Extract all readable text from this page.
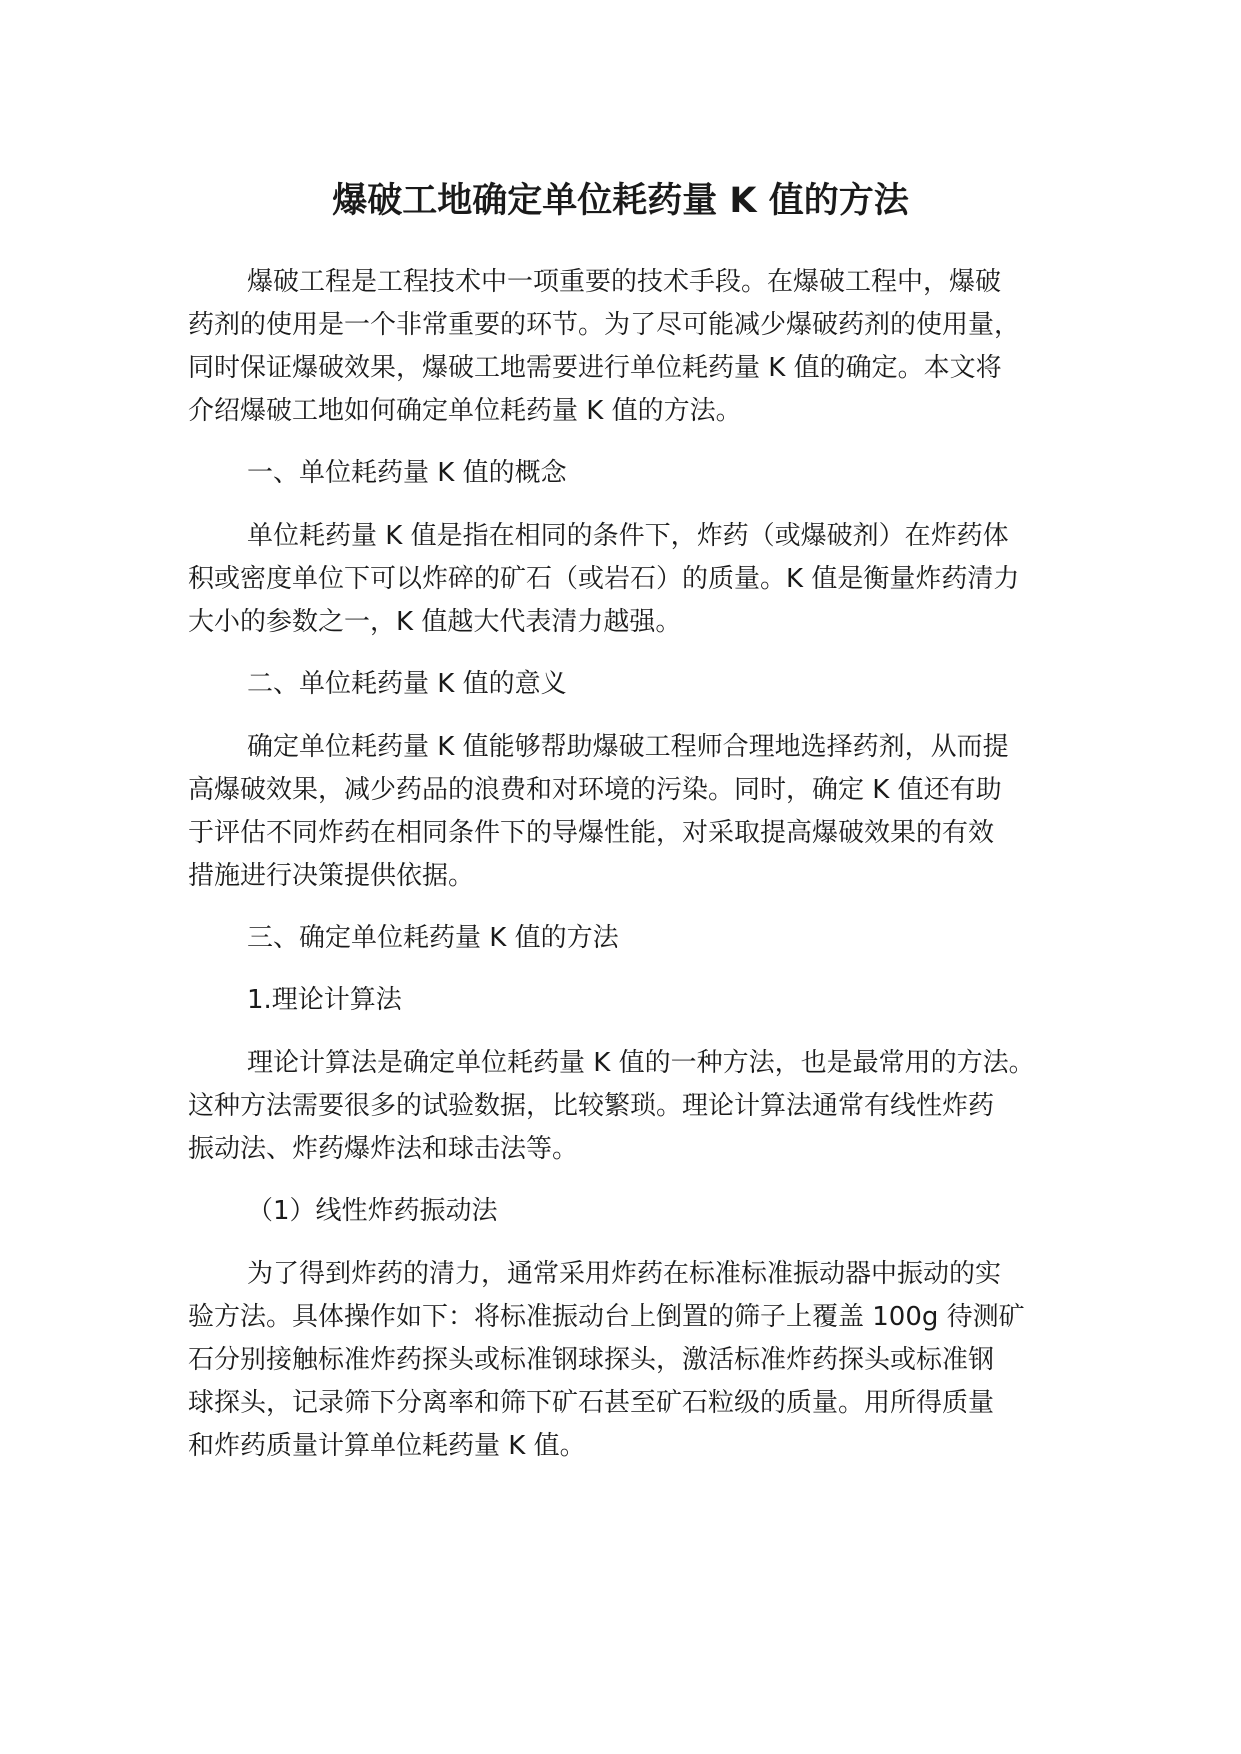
爆破工地确定单位耗药量 K 值的方法

爆破工程是工程技术中一项重要的技术手段。在爆破工程中，爆破

药剂的使用是一个非常重要的环节。为了尽可能减少爆破药剂的使用量，

同时保证爆破效果，爆破工地需要进行单位耗药量 K 值的确定。本文将

介绍爆破工地如何确定单位耗药量 K 值的方法。

一、单位耗药量 K 值的概念

单位耗药量 K 值是指在相同的条件下，炸药（或爆破剂）在炸药体

积或密度单位下可以炸碎的矿石（或岩石）的质量。K 值是衡量炸药清力

大小的参数之一，K 值越大代表清力越强。

二、单位耗药量 K 值的意义

确定单位耗药量 K 值能够帮助爆破工程师合理地选择药剂，从而提

高爆破效果，减少药品的浪费和对环境的污染。同时，确定 K 值还有助

于评估不同炸药在相同条件下的导爆性能，对采取提高爆破效果的有效

措施进行决策提供依据。

三、确定单位耗药量 K 值的方法

1.理论计算法

理论计算法是确定单位耗药量 K 值的一种方法，也是最常用的方法。

这种方法需要很多的试验数据，比较繁琐。理论计算法通常有线性炸药

振动法、炸药爆炸法和球击法等。

（1）线性炸药振动法

为了得到炸药的清力，通常采用炸药在标准标准振动器中振动的实

验方法。具体操作如下：将标准振动台上倒置的筛子上覆盖 100g 待测矿

石分别接触标准炸药探头或标准钢球探头，激活标准炸药探头或标准钢

球探头，记录筛下分离率和筛下矿石甚至矿石粒级的质量。用所得质量

和炸药质量计算单位耗药量 K 值。
